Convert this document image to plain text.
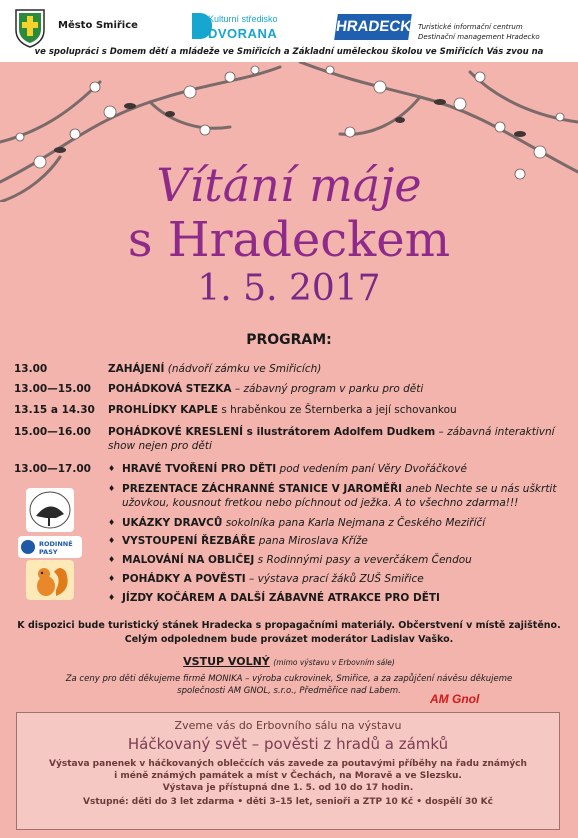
Město Smiřice
Kulturní středisko
DVORANA	HRADECKO
Turistické informační centrum
Destinační management Hradecko
ve spolupráci s Domem dětí a mládeže ve Smiřicích a Základní uměleckou školou ve Smiřicích Vás zvou na
Vítání máje
s Hradeckem
1. 5. 2017
PROGRAM:
13.00	ZAHÁJENÍ (nádvoří zámku ve Smiřicích)
13.00—15.00 POHÁDKOVÁ STEZKA – zábavný program v parku pro děti
13.15 a 14.30 PROHLÍDKY KAPLE s hraběnkou ze Šternberka a její schovankou
15.00—16.00 POHÁDKOVÉ KRESLENÍ s ilustrátorem Adolfem Dudkem – zábavná interaktivní show nejen pro děti
13.00—17.00	HRAVÉ TVOŘENÍ PRO DĚTI pod vedením paní Věry Dvořáčkové
PREZENTACE ZÁCHRANNÉ STANICE V JAROMĚŘI aneb Nechte se u nás uškrtit užovkou, kousnout fretkou nebo píchnout od ježka. A to všechno zdarma!!!
UKÁZKY DRAVCŮ sokolníka pana Karla Nejmana z Českého Meziříčí
VYSTOUPENÍ ŘEZBÁŘE pana Miroslava Kříže
MALOVÁNÍ NA OBLIČEJ s Rodinnými pasy a veverčákem Čendou
POHÁDKY A POVĚSTI – výstava prací žáků ZUŠ Smiřice
JÍZDY KOČÁREM A DALŠÍ ZÁBAVNÉ ATRAKCE PRO DĚTI
RODINNÉ
PASY
K dispozici bude turistický stánek Hradecka s propagačními materiály. Občerstvení v místě zajištěno.
Celým odpolednem bude provázet moderátor Ladislav Vaško.
VSTUP VOLNÝ (mimo výstavu v Erbovním sále)
Za ceny pro děti děkujeme firmě MONIKA – výroba cukrovinek, Smiřice, a za zapůjčení návěsu děkujeme
společnosti AM GNOL, s.r.o., Předměřice nad Labem.
AM Gnol
Zveme vás do Erbovního sálu na výstavu
Háčkovaný svět – pověsti z hradů a zámků
Výstava panenek v háčkovaných oblečcích vás zavede za poutavými příběhy na řadu známých
i méně známých památek a míst v Čechách, na Moravě a ve Slezsku.
Výstava je přístupná dne 1. 5. od 10 do 17 hodin.
Vstupné: děti do 3 let zdarma • děti 3–15 let, senioři a ZTP 10 Kč • dospělí 30 Kč
